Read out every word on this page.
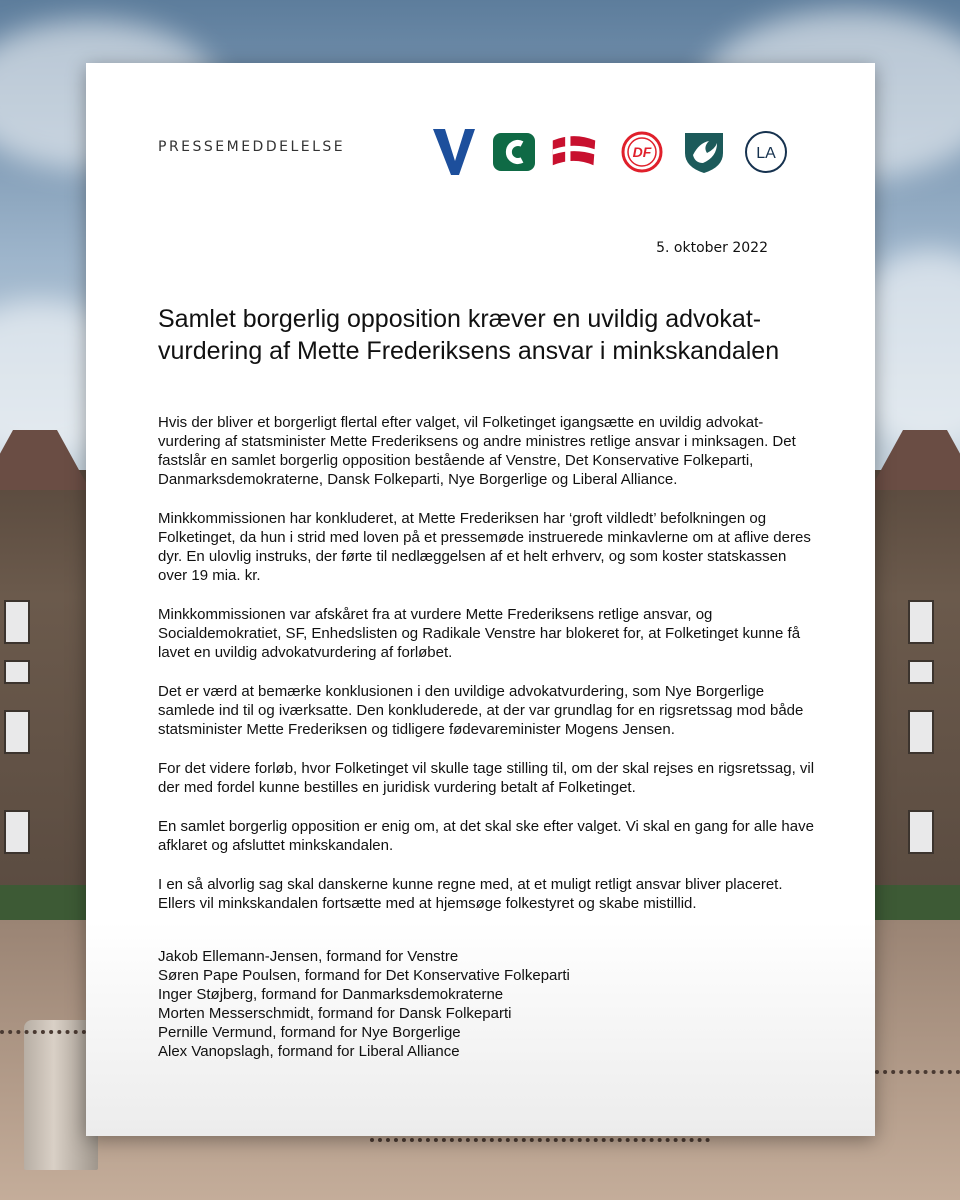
PRESSEMEDDELELSE	DF	LA
5. oktober 2022
Samlet borgerlig opposition kræver en uvildig advokat-vurdering af Mette Frederiksens ansvar i minkskandalen

Hvis der bliver et borgerligt flertal efter valget, vil Folketinget igangsætte en uvildig advokat-vurdering af statsminister Mette Frederiksens og andre ministres retlige ansvar i minksagen. Det fastslår en samlet borgerlig opposition bestående af Venstre, Det Konservative Folkeparti, Danmarksdemokraterne, Dansk Folkeparti, Nye Borgerlige og Liberal Alliance.

Minkkommissionen har konkluderet, at Mette Frederiksen har ‘groft vildledt’ befolkningen og Folketinget, da hun i strid med loven på et pressemøde instruerede minkavlerne om at aflive deres dyr. En ulovlig instruks, der førte til nedlæggelsen af et helt erhverv, og som koster statskassen over 19 mia. kr.

Minkkommissionen var afskåret fra at vurdere Mette Frederiksens retlige ansvar, og Socialdemokratiet, SF, Enhedslisten og Radikale Venstre har blokeret for, at Folketinget kunne få lavet en uvildig advokatvurdering af forløbet.

Det er værd at bemærke konklusionen i den uvildige advokatvurdering, som Nye Borgerlige samlede ind til og iværksatte. Den konkluderede, at der var grundlag for en rigsretssag mod både statsminister Mette Frederiksen og tidligere fødevareminister Mogens Jensen.

For det videre forløb, hvor Folketinget vil skulle tage stilling til, om der skal rejses en rigsretssag, vil der med fordel kunne bestilles en juridisk vurdering betalt af Folketinget.

En samlet borgerlig opposition er enig om, at det skal ske efter valget. Vi skal en gang for alle have afklaret og afsluttet minkskandalen.

I en så alvorlig sag skal danskerne kunne regne med, at et muligt retligt ansvar bliver placeret. Ellers vil minkskandalen fortsætte med at hjemsøge folkestyret og skabe mistillid.

Jakob Ellemann-Jensen, formand for Venstre
Søren Pape Poulsen, formand for Det Konservative Folkeparti
Inger Støjberg, formand for Danmarksdemokraterne
Morten Messerschmidt, formand for Dansk Folkeparti
Pernille Vermund, formand for Nye Borgerlige
Alex Vanopslagh, formand for Liberal Alliance
